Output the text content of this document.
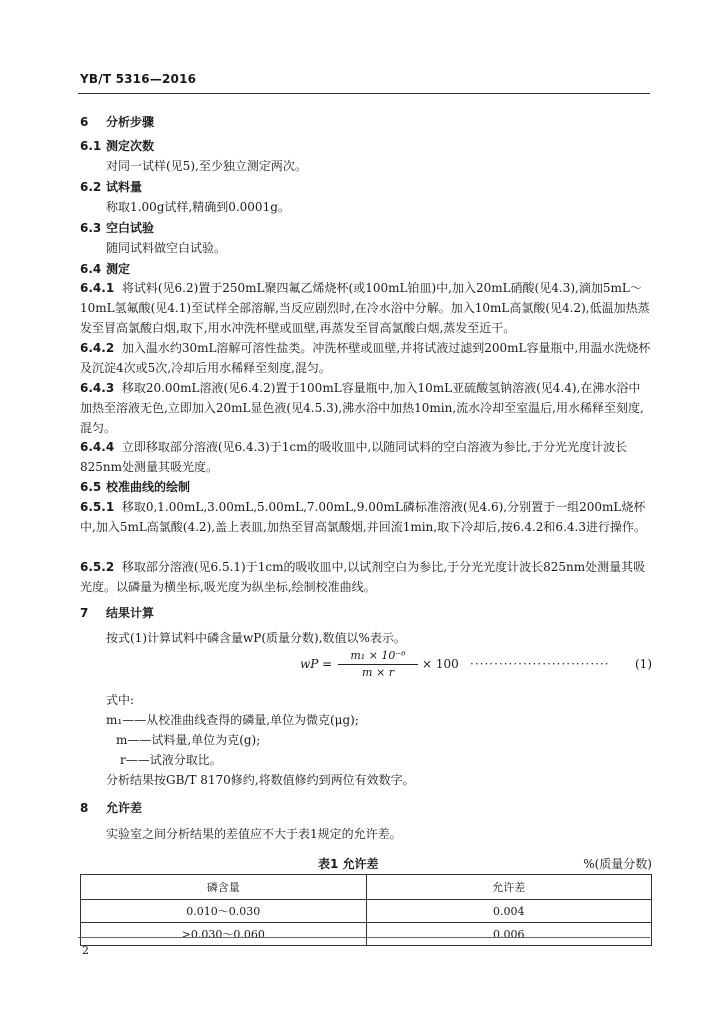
YB/T 5316—2016
6 分析步骤
6.1 测定次数
对同一试样(见5),至少独立测定两次。
6.2 试料量
称取1.00g试样,精确到0.0001g。
6.3 空白试验
随同试料做空白试验。
6.4 测定
6.4.1 将试料(见6.2)置于250mL聚四氟乙烯烧杯(或100mL铂皿)中,加入20mL硝酸(见4.3),滴加5mL～10mL氢氟酸(见4.1)至试样全部溶解,当反应剧烈时,在冷水浴中分解。加入10mL高氯酸(见4.2),低温加热蒸发至冒高氯酸白烟,取下,用水冲洗杯壁或皿壁,再蒸发至冒高氯酸白烟,蒸发至近干。
6.4.2 加入温水约30mL溶解可溶性盐类。冲洗杯壁或皿壁,并将试液过滤到200mL容量瓶中,用温水洗烧杯及沉淀4次或5次,冷却后用水稀释至刻度,混匀。
6.4.3 移取20.00mL溶液(见6.4.2)置于100mL容量瓶中,加入10mL亚硫酸氢钠溶液(见4.4),在沸水浴中加热至溶液无色,立即加入20mL显色液(见4.5.3),沸水浴中加热10min,流水冷却至室温后,用水稀释至刻度,混匀。
6.4.4 立即移取部分溶液(见6.4.3)于1cm的吸收皿中,以随同试料的空白溶液为参比,于分光光度计波长825nm处测量其吸光度。
6.5 校准曲线的绘制
6.5.1 移取0,1.00mL,3.00mL,5.00mL,7.00mL,9.00mL磷标准溶液(见4.6),分别置于一组200mL烧杯中,加入5mL高氯酸(4.2),盖上表皿,加热至冒高氯酸烟,并回流1min,取下冷却后,按6.4.2和6.4.3进行操作。
6.5.2 移取部分溶液(见6.5.1)于1cm的吸收皿中,以试剂空白为参比,于分光光度计波长825nm处测量其吸光度。以磷量为横坐标,吸光度为纵坐标,绘制校准曲线。
7 结果计算
按式(1)计算试料中磷含量wP(质量分数),数值以%表示。
wP = $\frac{\text{m₁ × 10⁻⁶}}{m \times r} \times 100$ ····························· (1)
式中:
m₁——从校准曲线查得的磷量,单位为微克(μg);
m——试料量,单位为克(g);
r——试液分取比。
分析结果按GB/T 8170修约,将数值修约到两位有效数字。
8 允许差
实验室之间分析结果的差值应不大于表1规定的允许差。
表1 允许差	%(质量分数)
磷含量	允许差
0.010～0.030	0.004
>0.030～0.060	0.006
2
